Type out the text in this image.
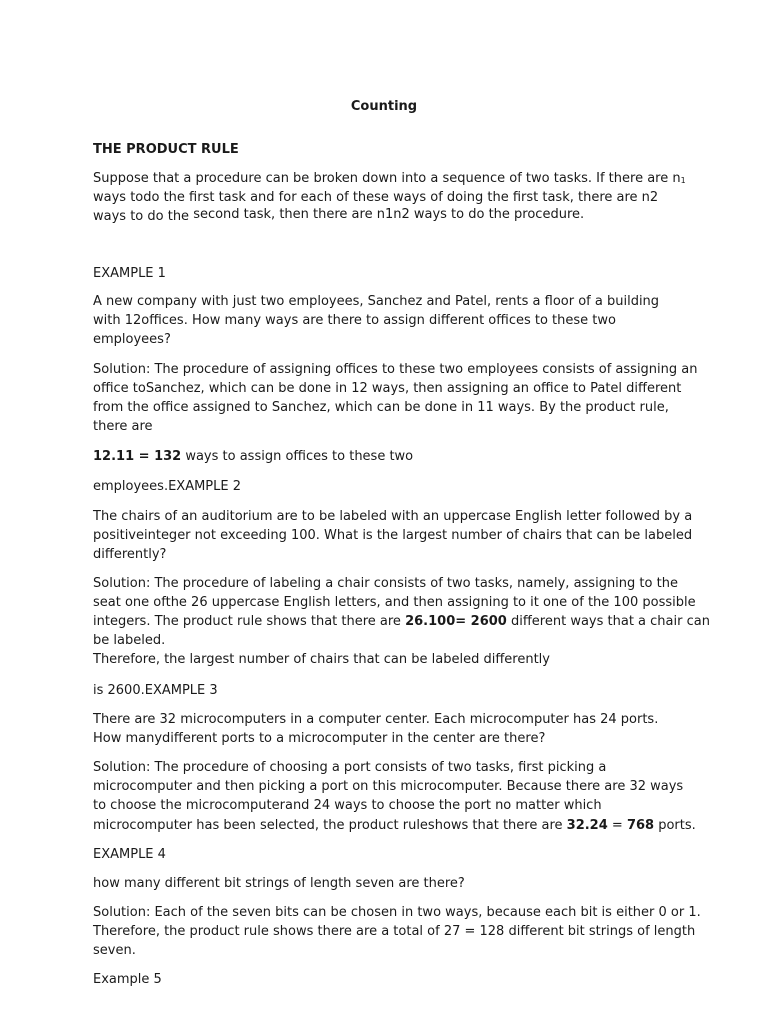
Counting
THE PRODUCT RULE
Suppose that a procedure can be broken down into a sequence of two tasks. If there are n1
ways todo the first task and for each of these ways of doing the first task, there are n2
ways to do the second task, then there are n1n2 ways to do the procedure.
EXAMPLE 1
A new company with just two employees, Sanchez and Patel, rents a floor of a building
with 12offices. How many ways are there to assign different offices to these two
employees?
Solution: The procedure of assigning offices to these two employees consists of assigning an
office toSanchez, which can be done in 12 ways, then assigning an office to Patel different
from the office assigned to Sanchez, which can be done in 11 ways. By the product rule,
there are
12.11 = 132 ways to assign offices to these two
employees.EXAMPLE 2
The chairs of an auditorium are to be labeled with an uppercase English letter followed by a
positiveinteger not exceeding 100. What is the largest number of chairs that can be labeled
differently?
Solution: The procedure of labeling a chair consists of two tasks, namely, assigning to the
seat one ofthe 26 uppercase English letters, and then assigning to it one of the 100 possible
integers. The product rule shows that there are 26.100= 2600 different ways that a chair can
be labeled.
Therefore, the largest number of chairs that can be labeled differently
is 2600.EXAMPLE 3
There are 32 microcomputers in a computer center. Each microcomputer has 24 ports.
How manydifferent ports to a microcomputer in the center are there?
Solution: The procedure of choosing a port consists of two tasks, first picking a
microcomputer and then picking a port on this microcomputer. Because there are 32 ways
to choose the microcomputerand 24 ways to choose the port no matter which
microcomputer has been selected, the product ruleshows that there are 32.24 = 768 ports.
EXAMPLE 4
how many different bit strings of length seven are there?
Solution: Each of the seven bits can be chosen in two ways, because each bit is either 0 or 1.
Therefore, the product rule shows there are a total of 27 = 128 different bit strings of length
seven.
Example 5
